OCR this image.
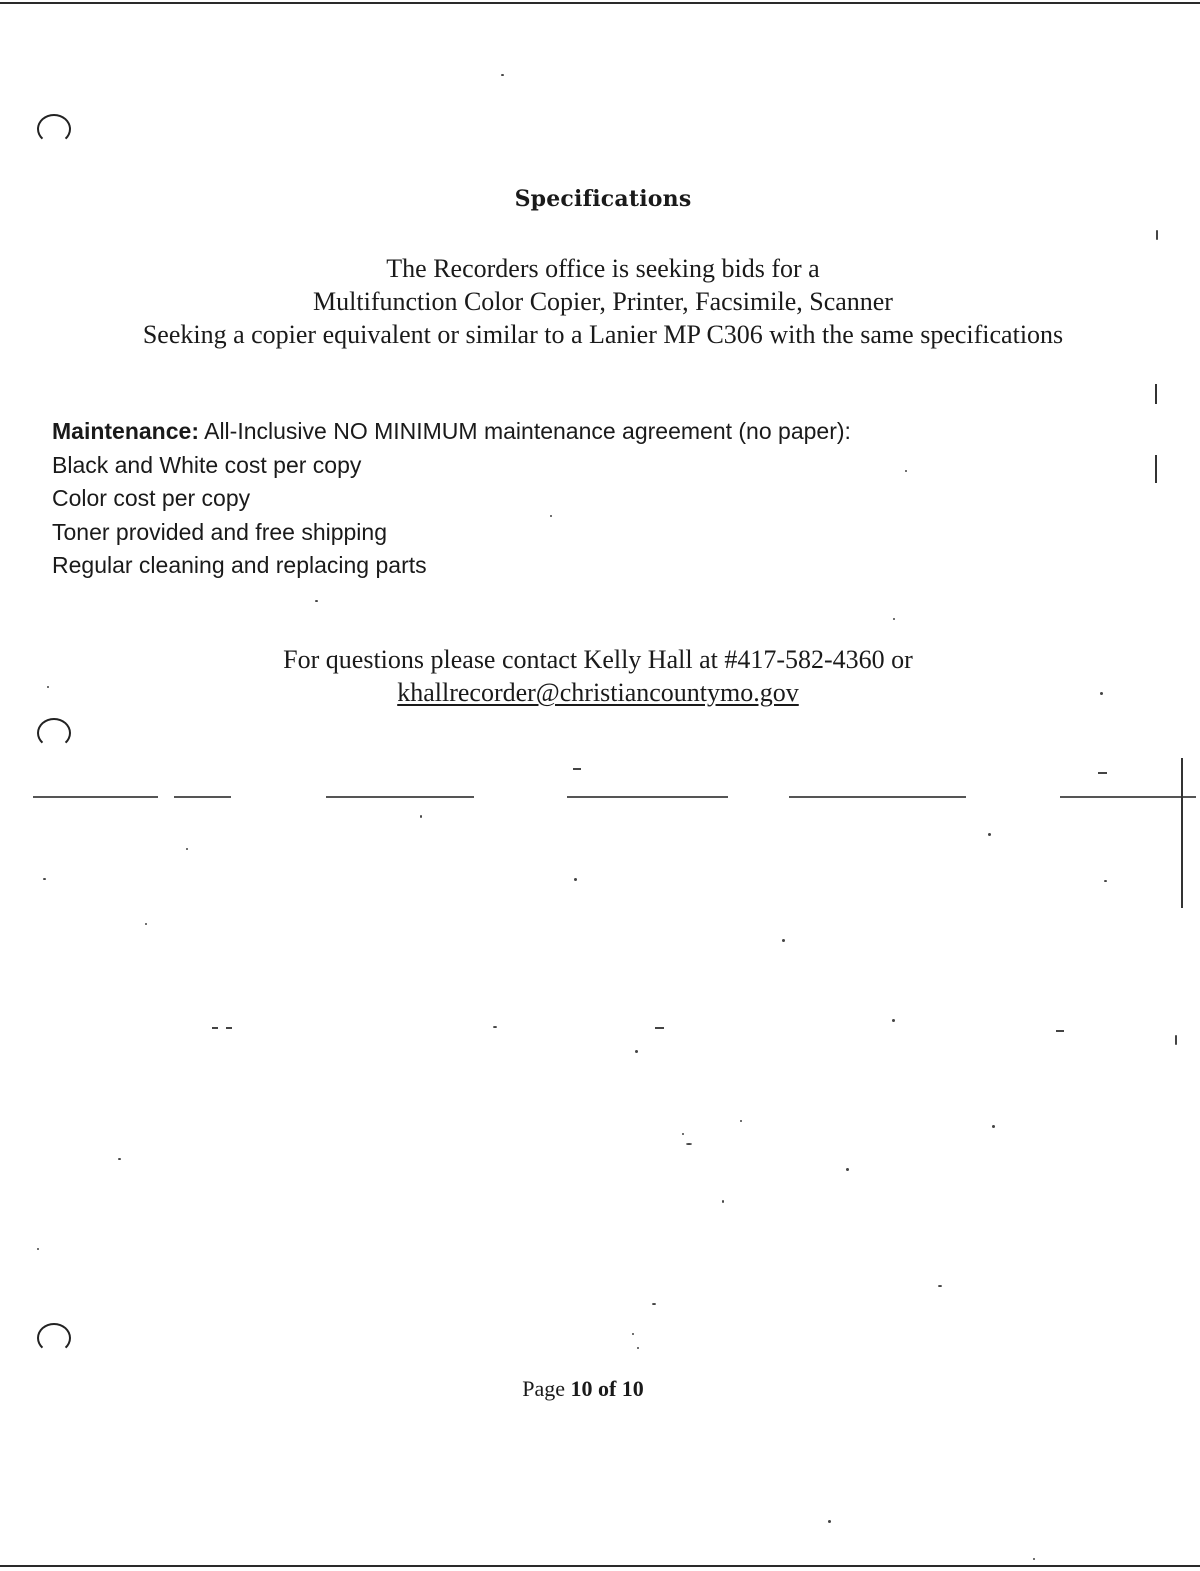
Specifications
The Recorders office is seeking bids for a
Multifunction Color Copier, Printer, Facsimile, Scanner
Seeking a copier equivalent or similar to a Lanier MP C306 with the same specifications
Maintenance: All-Inclusive NO MINIMUM maintenance agreement (no paper):
Black and White cost per copy
Color cost per copy
Toner provided and free shipping
Regular cleaning and replacing parts
For questions please contact Kelly Hall at #417-582-4360 or
khallrecorder@christiancountymo.gov
Page 10 of 10
